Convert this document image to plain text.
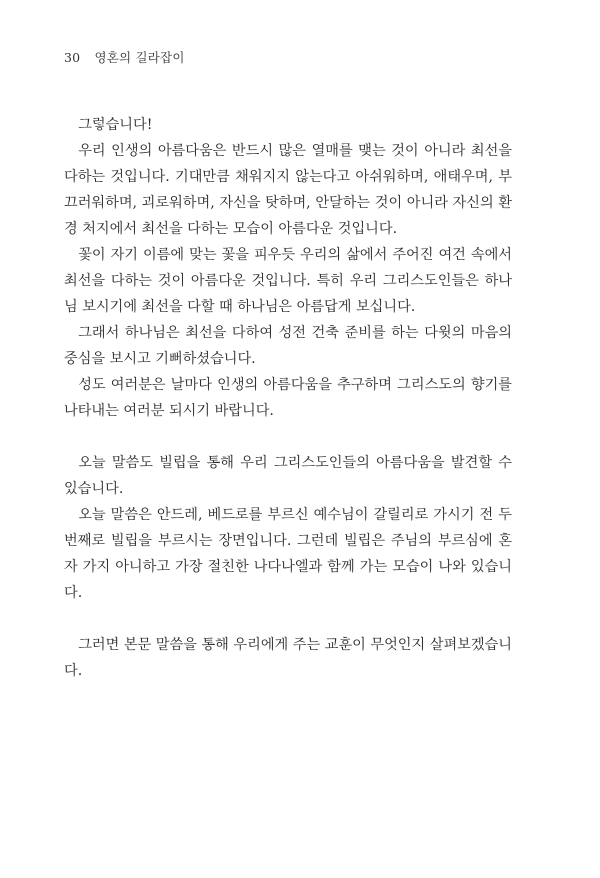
30 영혼의 길라잡이

그렇습니다!

우리 인생의 아름다움은 반드시 많은 열매를 맺는 것이 아니라 최선을 다하는 것입니다. 기대만큼 채워지지 않는다고 아쉬워하며, 애태우며, 부끄러워하며, 괴로워하며, 자신을 탓하며, 안달하는 것이 아니라 자신의 환경 처지에서 최선을 다하는 모습이 아름다운 것입니다.

꽃이 자기 이름에 맞는 꽃을 피우듯 우리의 삶에서 주어진 여건 속에서 최선을 다하는 것이 아름다운 것입니다. 특히 우리 그리스도인들은 하나님 보시기에 최선을 다할 때 하나님은 아름답게 보십니다.

그래서 하나님은 최선을 다하여 성전 건축 준비를 하는 다윗의 마음의 중심을 보시고 기뻐하셨습니다.

성도 여러분은 날마다 인생의 아름다움을 추구하며 그리스도의 향기를 나타내는 여러분 되시기 바랍니다.

오늘 말씀도 빌립을 통해 우리 그리스도인들의 아름다움을 발견할 수 있습니다.

오늘 말씀은 안드레, 베드로를 부르신 예수님이 갈릴리로 가시기 전 두 번째로 빌립을 부르시는 장면입니다. 그런데 빌립은 주님의 부르심에 혼자 가지 아니하고 가장 절친한 나다나엘과 함께 가는 모습이 나와 있습니다.

그러면 본문 말씀을 통해 우리에게 주는 교훈이 무엇인지 살펴보겠습니다.
